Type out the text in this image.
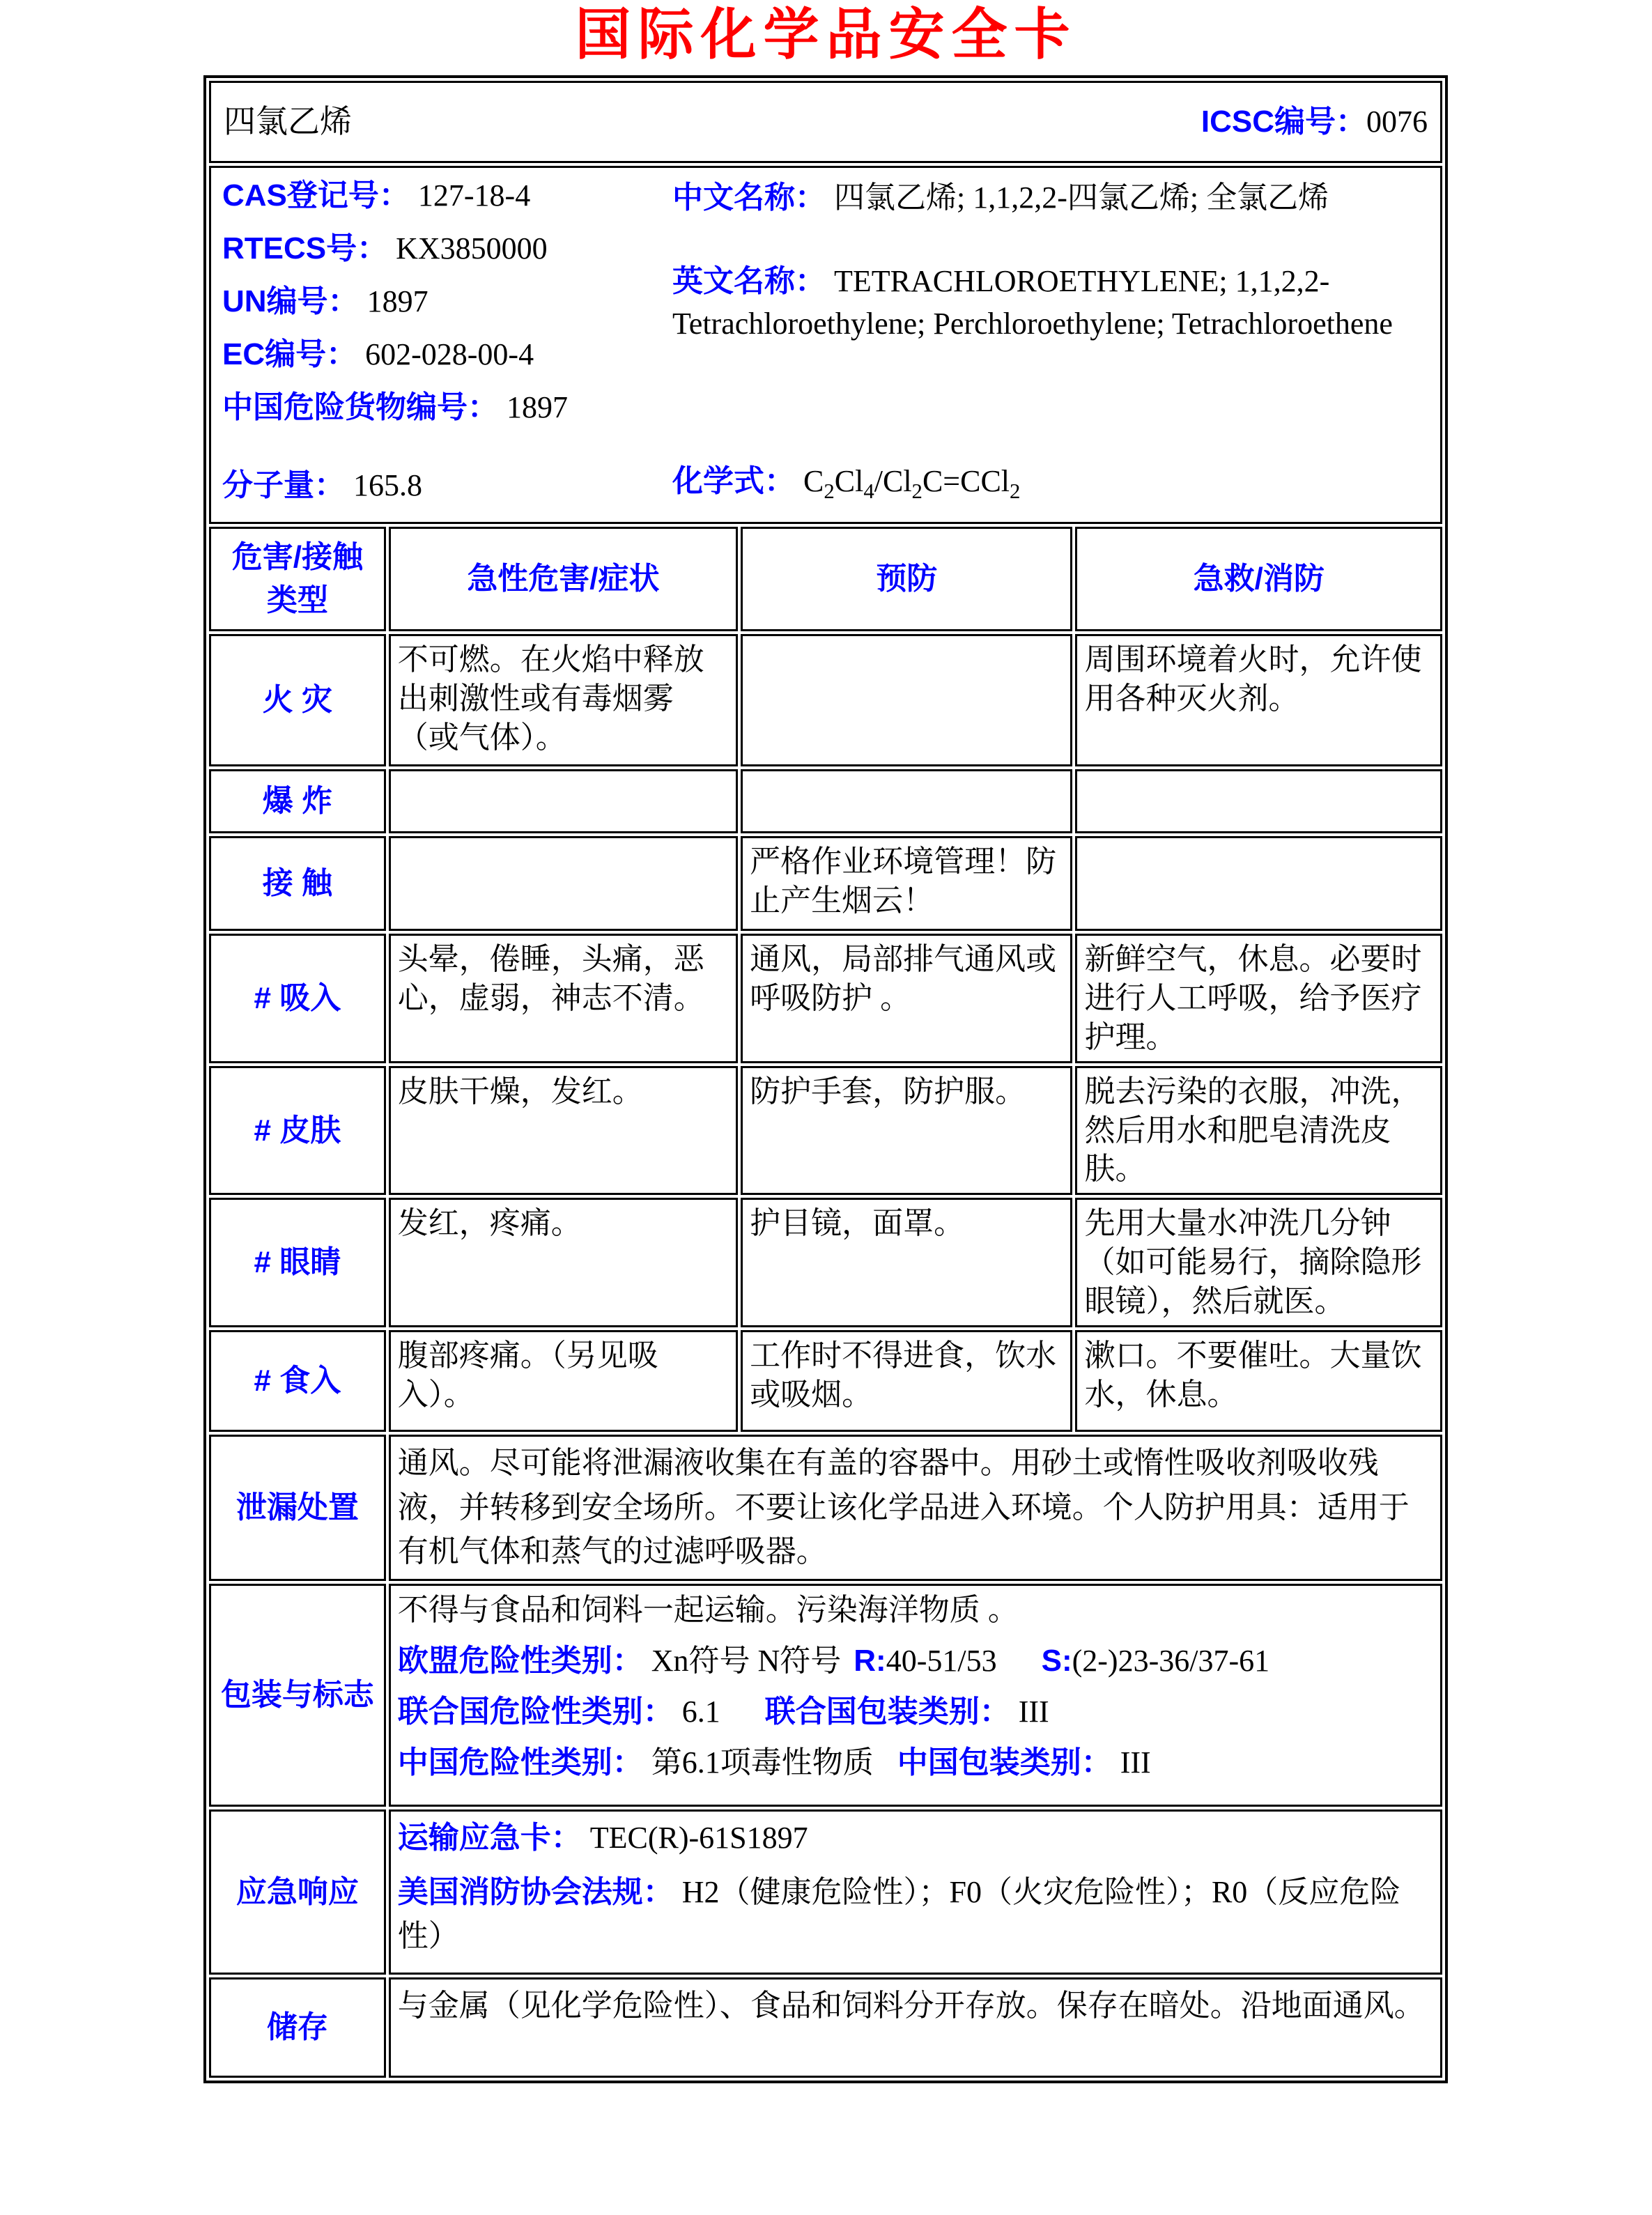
国际化学品安全卡
四氯乙烯 ICSC编号：0076			

CAS登记号： 127-18-4
RTECS号： KX3850000
UN编号： 1897
EC编号： 602-028-00-4
中国危险货物编号： 1897

中文名称： 四氯乙烯; 1,1,2,2-四氯乙烯; 全氯乙烯

英文名称： TETRACHLOROETHYLENE; 1,1,2,2-Tetrachloroethylene; Perchloroethylene; Tetrachloroethene

分子量： 165.8	化学式： $C_2Cl_4/Cl_2C=CCl_2$

危害/接触类型	急性危害/症状	预防	急救/消防
火 灾	不可燃。在火焰中释放出刺激性或有毒烟雾（或气体）。		周围环境着火时，允许使用各种灭火剂。
爆 炸			
接 触		严格作业环境管理！防止产生烟云！	
# 吸入	头晕，倦睡，头痛，恶心，虚弱，神志不清。	通风，局部排气通风或呼吸防护 。	新鲜空气，休息。必要时进行人工呼吸，给予医疗护理。
# 皮肤	皮肤干燥，发红。	防护手套，防护服。	脱去污染的衣服，冲洗，然后用水和肥皂清洗皮肤。
# 眼睛	发红，疼痛。	护目镜，面罩。	先用大量水冲洗几分钟（如可能易行，摘除隐形眼镜），然后就医。
# 食入	腹部疼痛。（另见吸入）。	工作时不得进食，饮水或吸烟。	漱口。不要催吐。大量饮水，休息。
泄漏处置	通风。尽可能将泄漏液收集在有盖的容器中。用砂土或惰性吸收剂吸收残液，并转移到安全场所。不要让该化学品进入环境。个人防护用具：适用于有机气体和蒸气的过滤呼吸器。		
包装与标志	不得与食品和饲料一起运输。污染海洋物质 。

欧盟危险性类别： Xn符号 N符号 R:40-51/53 S:(2-)23-36/37-61

联合国危险性类别： 6.1 联合国包装类别： III

中国危险性类别： 第6.1项毒性物质 中国包装类别： III		

应急响应	运输应急卡： TEC(R)-61S1897

美国消防协会法规： H2（健康危险性）；F0（火灾危险性）；R0（反应危险性）		

储存	与金属（见化学危险性）、食品和饲料分开存放。保存在暗处。沿地面通风。		
